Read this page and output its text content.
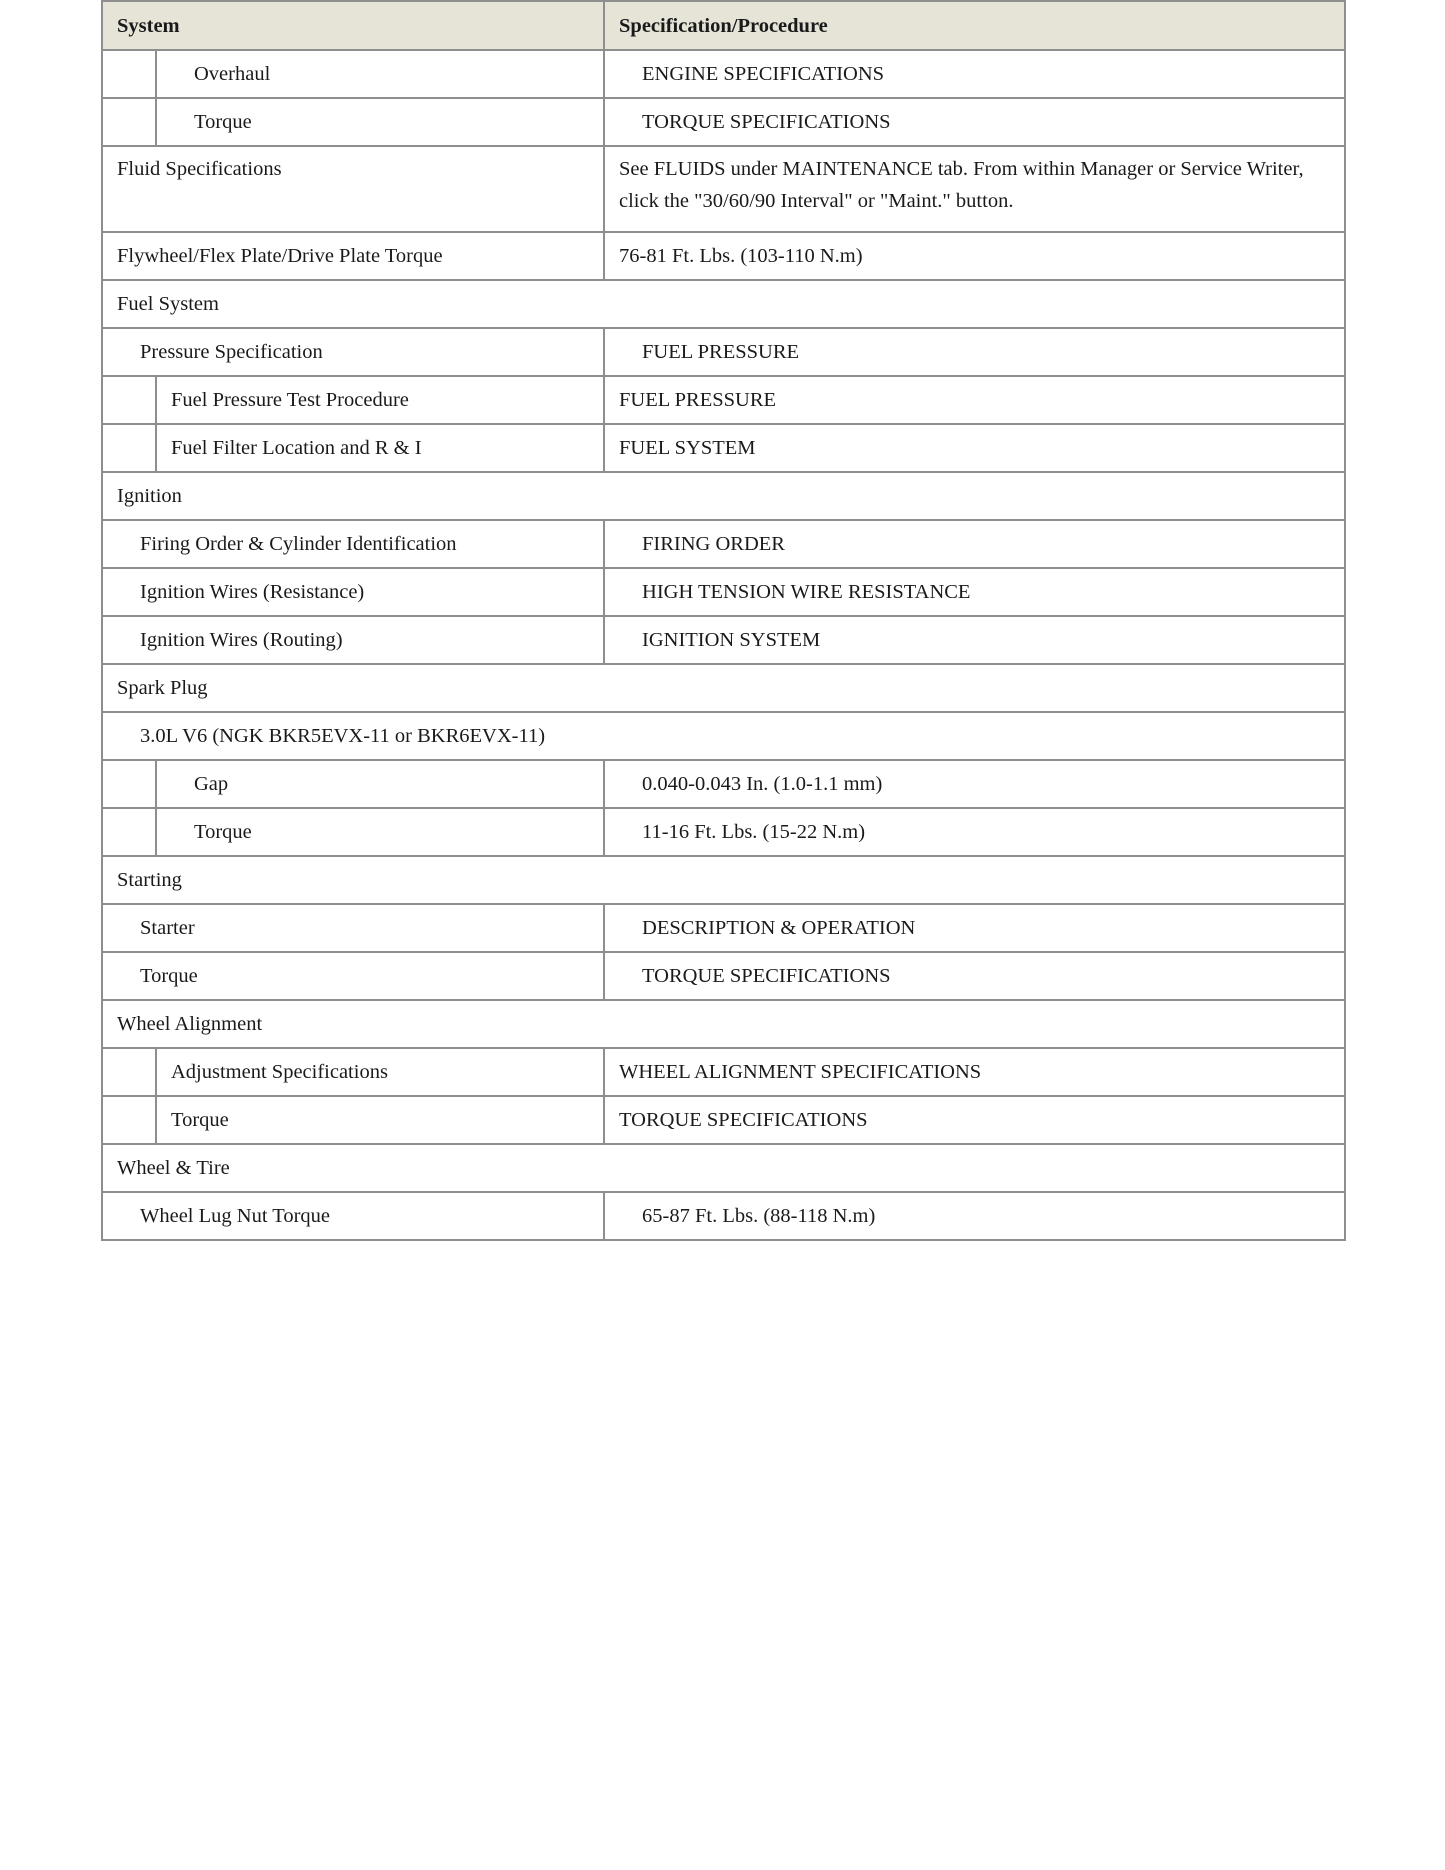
System		Specification/Procedure
	Overhaul	ENGINE SPECIFICATIONS
	Torque	TORQUE SPECIFICATIONS
Fluid Specifications		See FLUIDS under MAINTENANCE tab. From within Manager or Service Writer, click the "30/60/90 Interval" or "Maint." button.
Flywheel/Flex Plate/Drive Plate Torque		76-81 Ft. Lbs. (103-110 N.m)
Fuel System		
Pressure Specification		FUEL PRESSURE
	Fuel Pressure Test Procedure	FUEL PRESSURE
	Fuel Filter Location and R & I	FUEL SYSTEM
Ignition		
Firing Order & Cylinder Identification		FIRING ORDER
Ignition Wires (Resistance)		HIGH TENSION WIRE RESISTANCE
Ignition Wires (Routing)		IGNITION SYSTEM
Spark Plug		
3.0L V6 (NGK BKR5EVX-11 or BKR6EVX-11)		
	Gap	0.040-0.043 In. (1.0-1.1 mm)
	Torque	11-16 Ft. Lbs. (15-22 N.m)
Starting		
Starter		DESCRIPTION & OPERATION
Torque		TORQUE SPECIFICATIONS
Wheel Alignment		
	Adjustment Specifications	WHEEL ALIGNMENT SPECIFICATIONS
	Torque	TORQUE SPECIFICATIONS
Wheel & Tire		
Wheel Lug Nut Torque		65-87 Ft. Lbs. (88-118 N.m)
